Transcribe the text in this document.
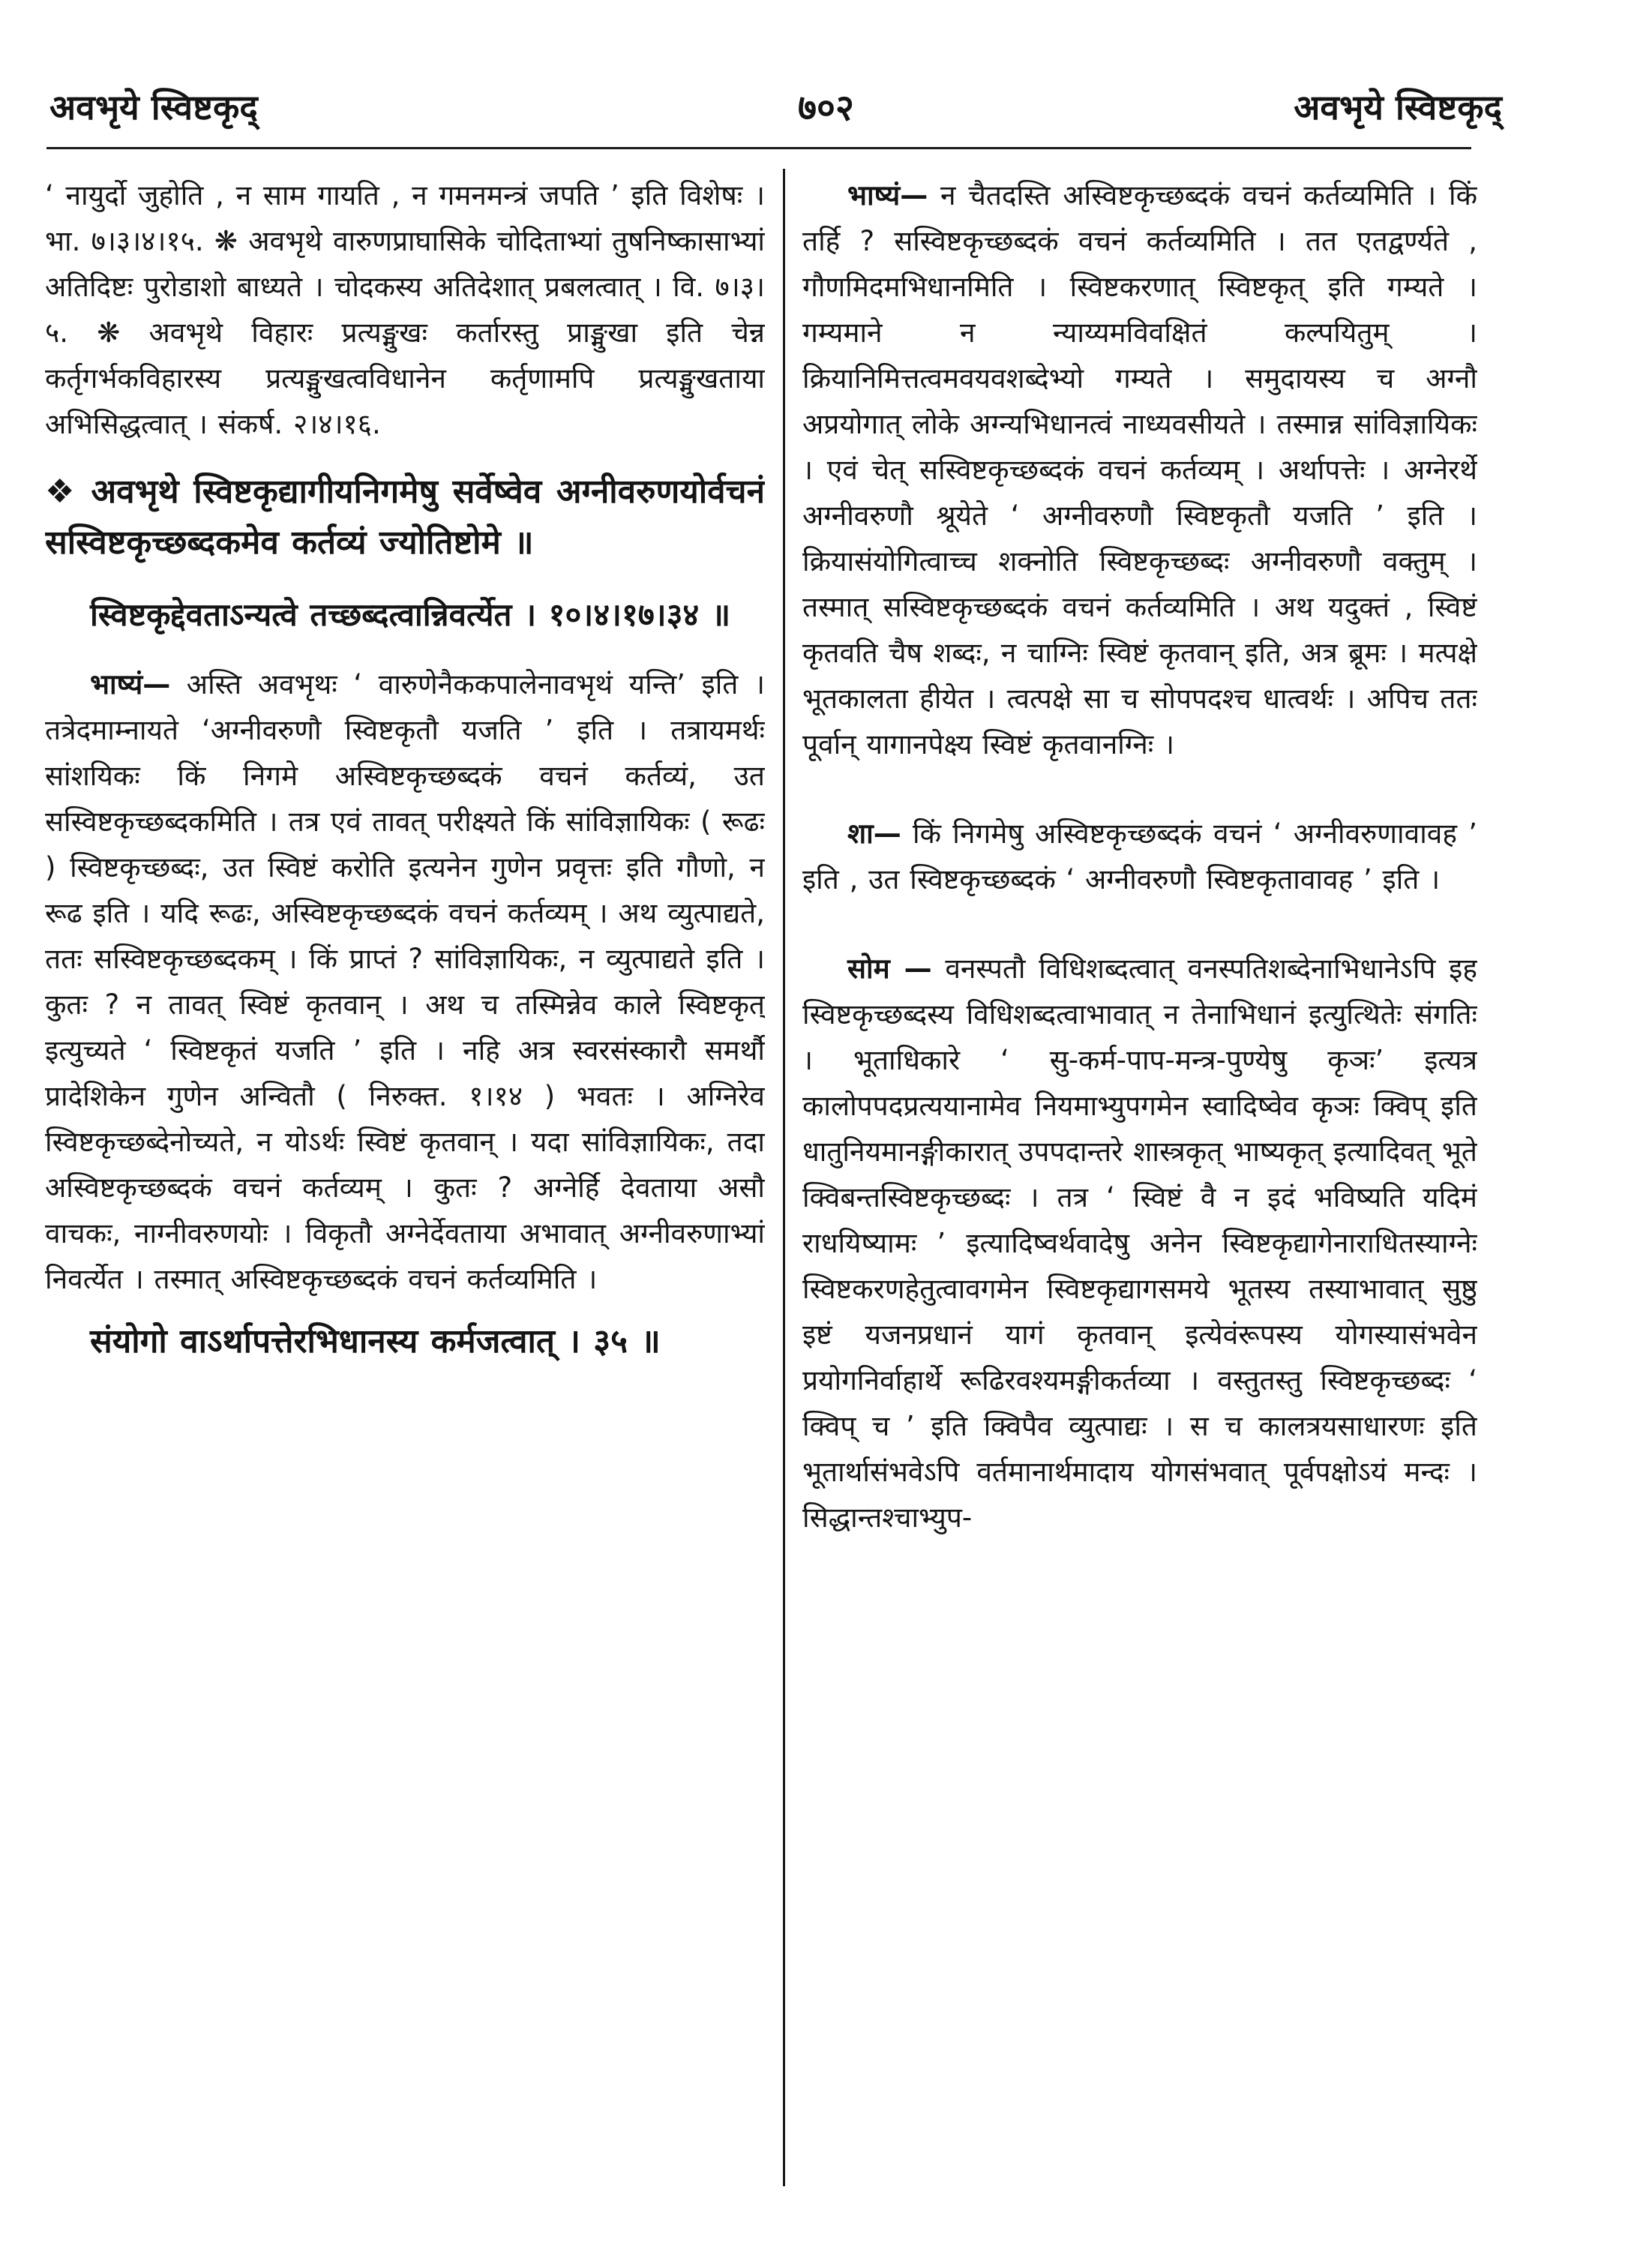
अवभृये स्विष्टकृद्	७०२	अवभृये स्विष्टकृद्

‘ नायुर्दो जुहोति , न साम गायति , न गमनमन्त्रं जपति ’ इति विशेषः । भा. ७।३।४।१५. ❋ अवभृथे वारुणप्राघासिके चोदिताभ्यां तुषनिष्कासाभ्यां अतिदिष्टः पुरोडाशो बाध्यते । चोदकस्य अतिदेशात् प्रबलत्वात् । वि. ७।३।५. ❋ अवभृथे विहारः प्रत्यङ्मुखः कर्तारस्तु प्राङ्मुखा इति चेन्न कर्तृगर्भकविहारस्य प्रत्यङ्मुखत्वविधानेन कर्तृणामपि प्रत्यङ्मुखताया अभिसिद्धत्वात् । संकर्ष. २।४।१६.

❖ अवभृथे स्विष्टकृद्यागीयनिगमेषु सर्वेष्वेव अग्नीवरुणयोर्वचनं सस्विष्टकृच्छब्दकमेव कर्तव्यं ज्योतिष्टोमे ॥

स्विष्टकृद्देवताऽन्यत्वे तच्छब्दत्वान्निवर्त्येत । १०।४।१७।३४ ॥

भाष्यं— अस्ति अवभृथः ‘ वारुणेनैककपालेनावभृथं यन्ति’ इति । तत्रेदमाम्नायते ‘अग्नीवरुणौ स्विष्टकृतौ यजति ’ इति । तत्रायमर्थः सांशयिकः किं निगमे अस्विष्टकृच्छब्दकं वचनं कर्तव्यं, उत सस्विष्टकृच्छब्दकमिति । तत्र एवं तावत् परीक्ष्यते किं सांविज्ञायिकः ( रूढः ) स्विष्टकृच्छब्दः, उत स्विष्टं करोति इत्यनेन गुणेन प्रवृत्तः इति गौणो, न रूढ इति । यदि रूढः, अस्विष्टकृच्छब्दकं वचनं कर्तव्यम् । अथ व्युत्पाद्यते, ततः सस्विष्टकृच्छब्दकम् । किं प्राप्तं ? सांविज्ञायिकः, न व्युत्पाद्यते इति । कुतः ? न तावत् स्विष्टं कृतवान् । अथ च तस्मिन्नेव काले स्विष्टकृत् इत्युच्यते ‘ स्विष्टकृतं यजति ’ इति । नहि अत्र स्वरसंस्कारौ समर्थौ प्रादेशिकेन गुणेन अन्वितौ ( निरुक्त. १।१४ ) भवतः । अग्निरेव स्विष्टकृच्छब्देनोच्यते, न योऽर्थः स्विष्टं कृतवान् । यदा सांविज्ञायिकः, तदा अस्विष्टकृच्छब्दकं वचनं कर्तव्यम् । कुतः ? अग्नेर्हि देवताया असौ वाचकः, नाग्नीवरुणयोः । विकृतौ अग्नेर्देवताया अभावात् अग्नीवरुणाभ्यां निवर्त्येत । तस्मात् अस्विष्टकृच्छब्दकं वचनं कर्तव्यमिति ।

संयोगो वाऽर्थापत्तेरभिधानस्य कर्मजत्वात् । ३५ ॥

भाष्यं— न चैतदस्ति अस्विष्टकृच्छब्दकं वचनं कर्तव्यमिति । किं तर्हि ? सस्विष्टकृच्छब्दकं वचनं कर्तव्यमिति । तत एतद्वर्ण्यते , गौणमिदमभिधानमिति । स्विष्टकरणात् स्विष्टकृत् इति गम्यते । गम्यमाने न न्याय्यमविवक्षितं कल्पयितुम् । क्रियानिमित्तत्वमवयवशब्देभ्यो गम्यते । समुदायस्य च अग्नौ अप्रयोगात् लोके अग्न्यभिधानत्वं नाध्यवसीयते । तस्मान्न सांविज्ञायिकः । एवं चेत् सस्विष्टकृच्छब्दकं वचनं कर्तव्यम् । अर्थापत्तेः । अग्नेरर्थे अग्नीवरुणौ श्रूयेते ‘ अग्नीवरुणौ स्विष्टकृतौ यजति ’ इति । क्रियासंयोगित्वाच्च शक्नोति स्विष्टकृच्छब्दः अग्नीवरुणौ वक्तुम् । तस्मात् सस्विष्टकृच्छब्दकं वचनं कर्तव्यमिति । अथ यदुक्तं , स्विष्टं कृतवति चैष शब्दः, न चाग्निः स्विष्टं कृतवान् इति, अत्र ब्रूमः । मत्पक्षे भूतकालता हीयेत । त्वत्पक्षे सा च सोपपदश्च धात्वर्थः । अपिच ततः पूर्वान् यागानपेक्ष्य स्विष्टं कृतवानग्निः ।

शा— किं निगमेषु अस्विष्टकृच्छब्दकं वचनं ‘ अग्नीवरुणावावह ’ इति , उत स्विष्टकृच्छब्दकं ‘ अग्नीवरुणौ स्विष्टकृतावावह ’ इति ।

सोम — वनस्पतौ विधिशब्दत्वात् वनस्पतिशब्देनाभिधानेऽपि इह स्विष्टकृच्छब्दस्य विधिशब्दत्वाभावात् न तेनाभिधानं इत्युत्थितेः संगतिः । भूताधिकारे ‘ सु-कर्म-पाप-मन्त्र-पुण्येषु कृञः’ इत्यत्र कालोपपदप्रत्ययानामेव नियमाभ्युपगमेन स्वादिष्वेव कृञः क्विप् इति धातुनियमानङ्गीकारात् उपपदान्तरे शास्त्रकृत् भाष्यकृत् इत्यादिवत् भूते क्विबन्तस्विष्टकृच्छब्दः । तत्र ‘ स्विष्टं वै न इदं भविष्यति यदिमं राधयिष्यामः ’ इत्यादिष्वर्थवादेषु अनेन स्विष्टकृद्यागेनाराधितस्याग्नेः स्विष्टकरणहेतुत्वावगमेन स्विष्टकृद्यागसमये भूतस्य तस्याभावात् सुष्ठु इष्टं यजनप्रधानं यागं कृतवान् इत्येवंरूपस्य योगस्यासंभवेन प्रयोगनिर्वाहार्थे रूढिरवश्यमङ्गीकर्तव्या । वस्तुतस्तु स्विष्टकृच्छब्दः ‘ क्विप् च ’ इति क्विपैव व्युत्पाद्यः । स च कालत्रयसाधारणः इति भूतार्थासंभवेऽपि वर्तमानार्थमादाय योगसंभवात् पूर्वपक्षोऽयं मन्दः । सिद्धान्तश्चाभ्युप-
